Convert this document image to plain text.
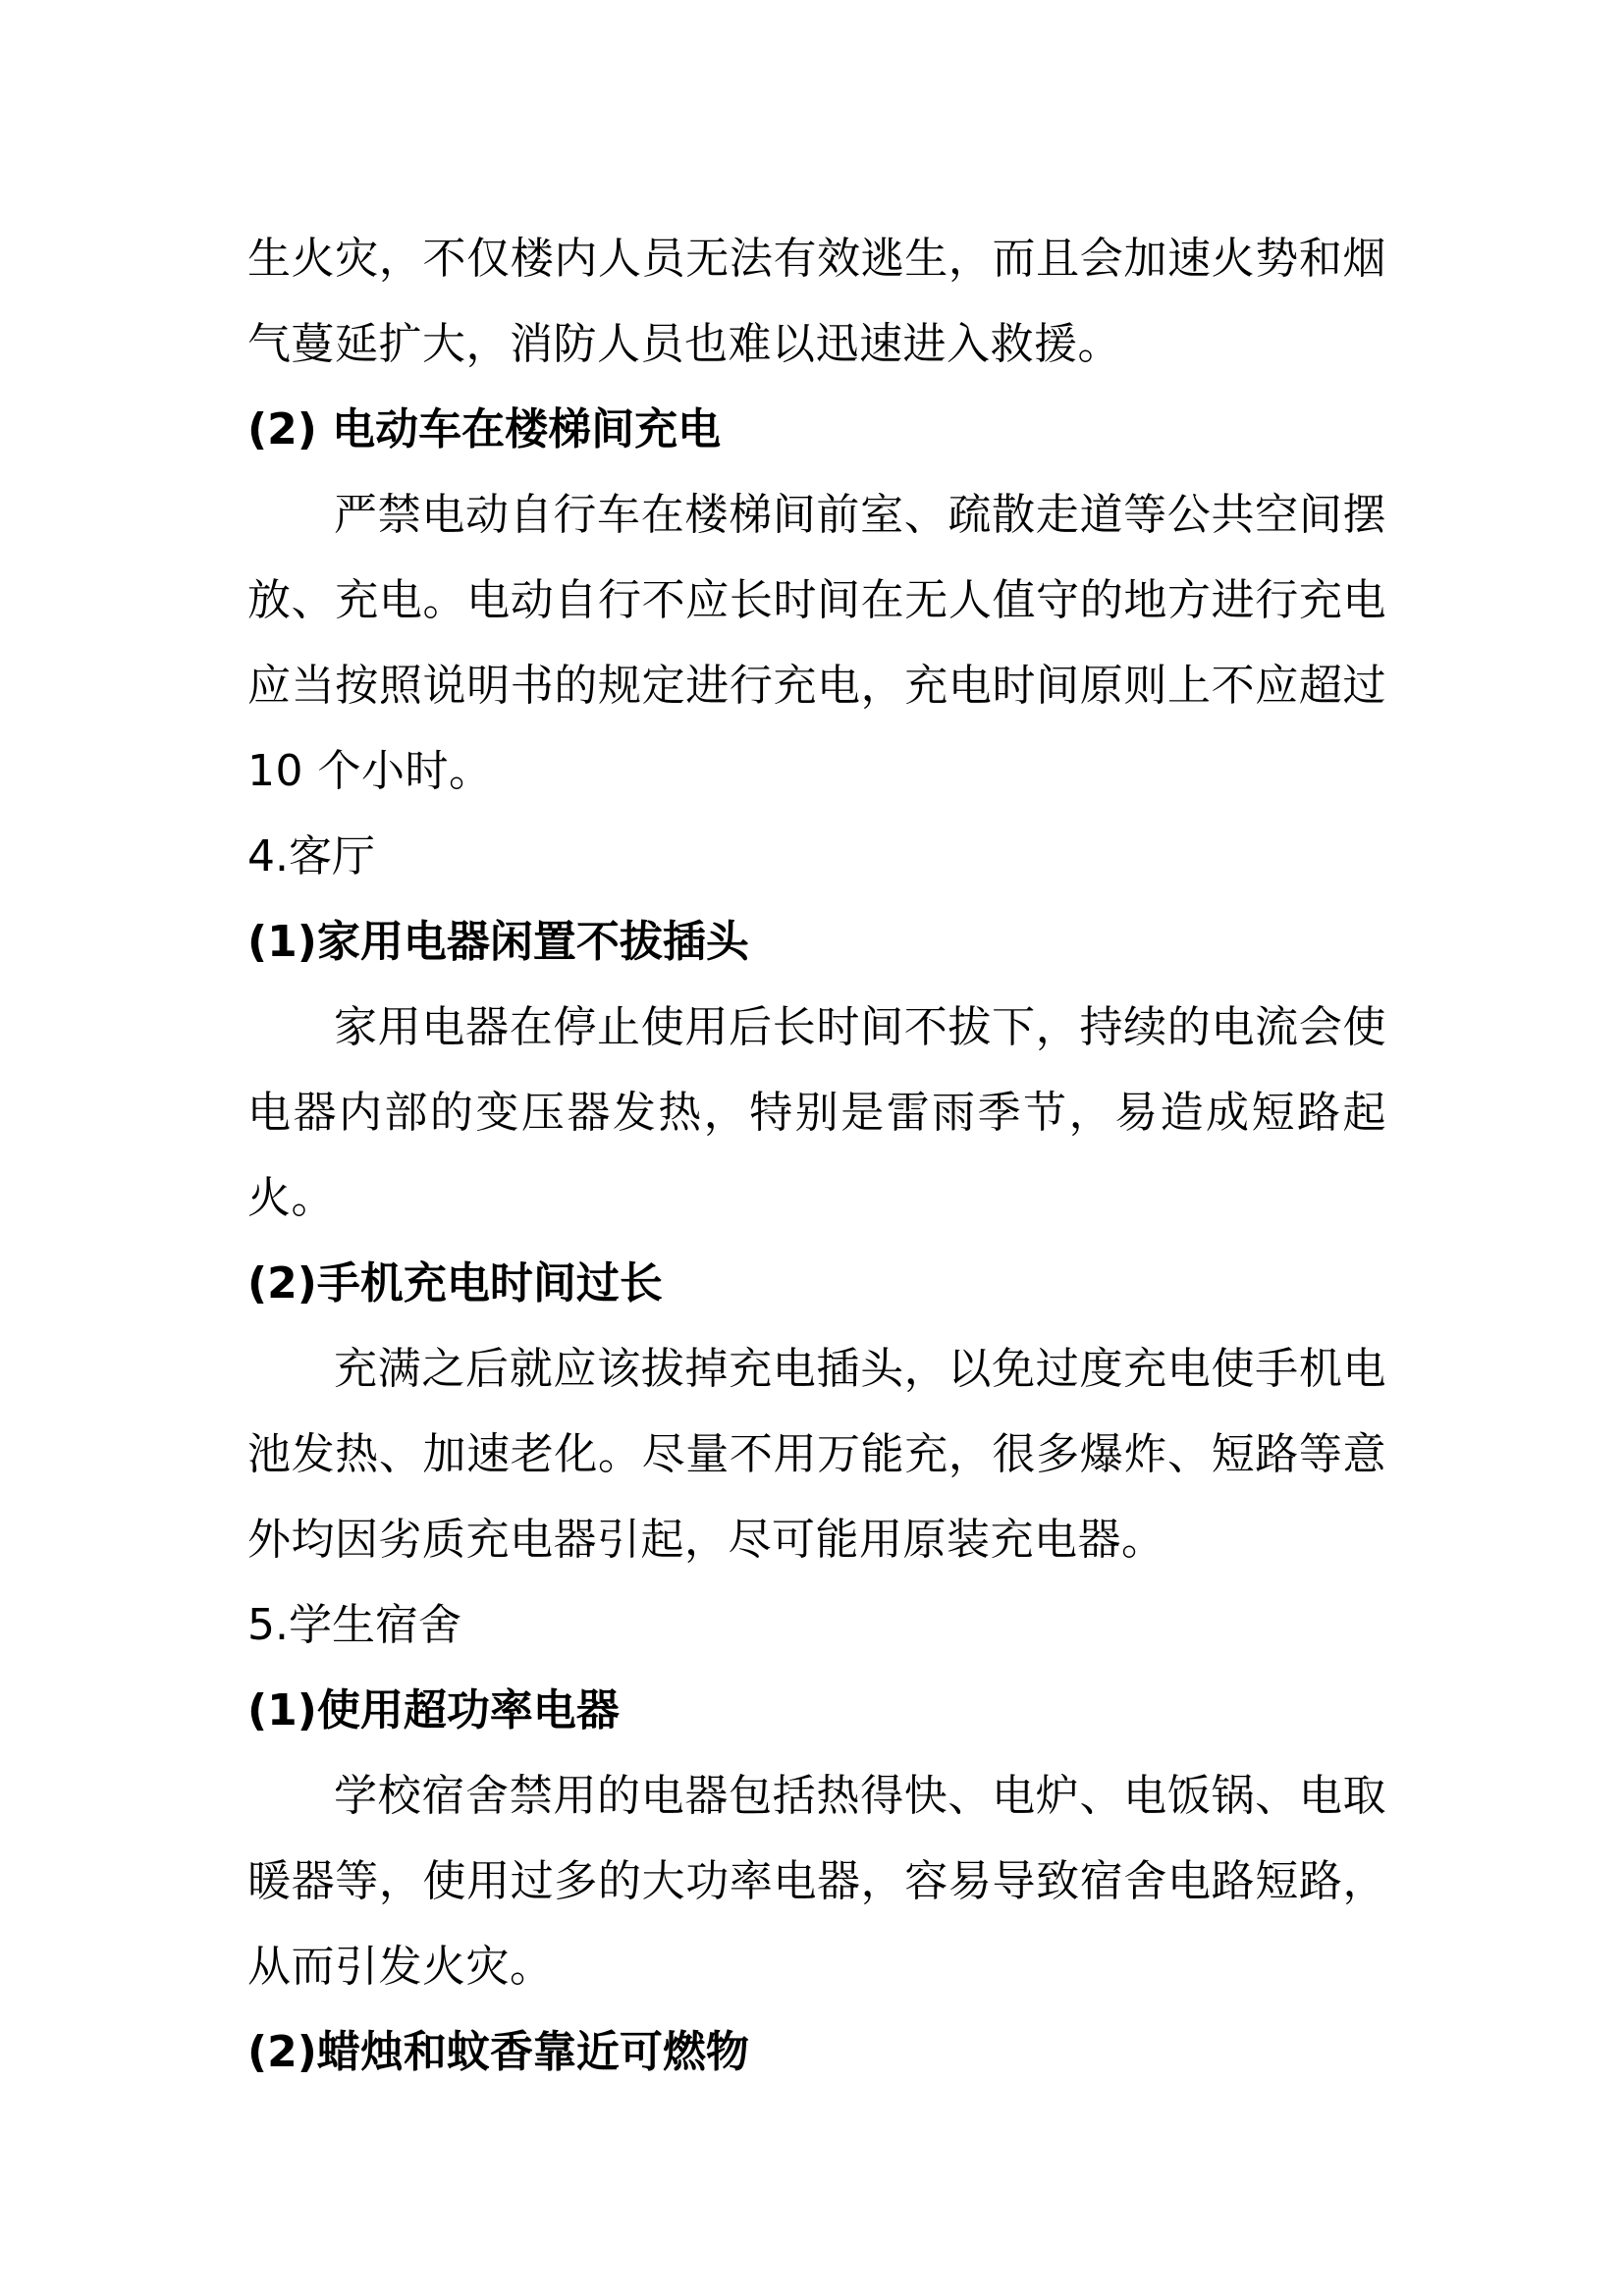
生火灾，不仅楼内人员无法有效逃生，而且会加速火势和烟气蔓延扩大，消防人员也难以迅速进入救援。

(2) 电动车在楼梯间充电

严禁电动自行车在楼梯间前室、疏散走道等公共空间摆放、充电。电动自行不应长时间在无人值守的地方进行充电应当按照说明书的规定进行充电，充电时间原则上不应超过 10 个小时。

4.客厅

(1)家用电器闲置不拔插头

家用电器在停止使用后长时间不拔下，持续的电流会使电器内部的变压器发热，特别是雷雨季节，易造成短路起火。

(2)手机充电时间过长

充满之后就应该拔掉充电插头，以免过度充电使手机电池发热、加速老化。尽量不用万能充，很多爆炸、短路等意外均因劣质充电器引起，尽可能用原装充电器。

5.学生宿舍

(1)使用超功率电器

学校宿舍禁用的电器包括热得快、电炉、电饭锅、电取暖器等，使用过多的大功率电器，容易导致宿舍电路短路，从而引发火灾。

(2)蜡烛和蚊香靠近可燃物
